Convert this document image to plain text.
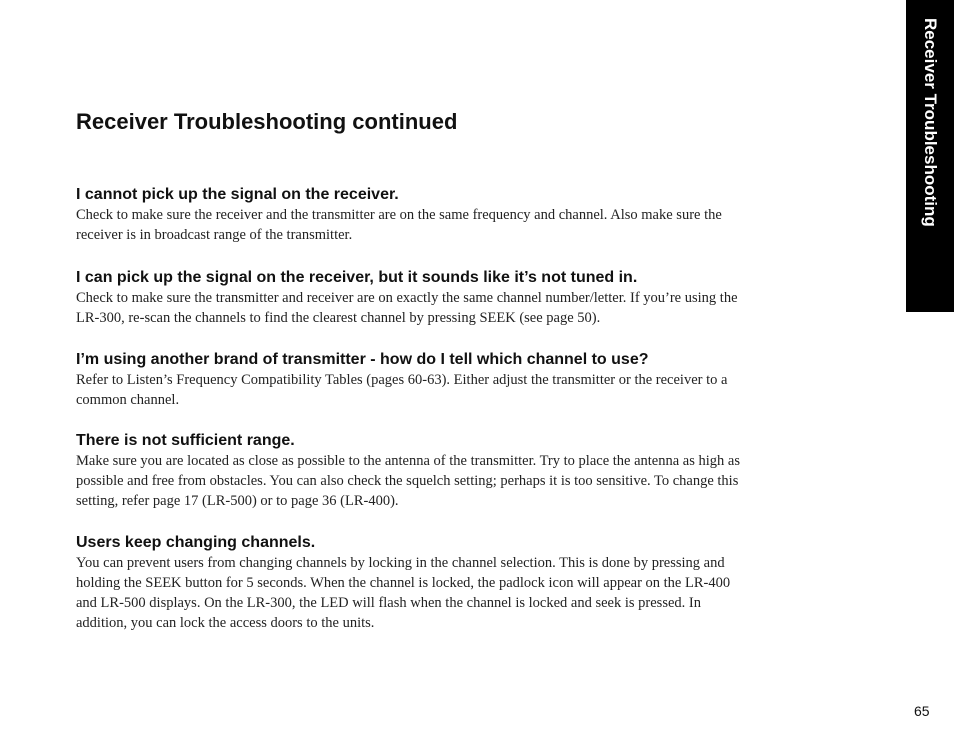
Receiver Troubleshooting
Receiver Troubleshooting continued
I cannot pick up the signal on the receiver.

Check to make sure the receiver and the transmitter are on the same frequency and channel. Also make sure the receiver is in broadcast range of the transmitter.

I can pick up the signal on the receiver, but it sounds like it’s not tuned in.

Check to make sure the transmitter and receiver are on exactly the same channel number/letter. If you’re using the LR-300, re-scan the channels to find the clearest channel by pressing SEEK (see page 50).

I’m using another brand of transmitter - how do I tell which channel to use?

Refer to Listen’s Frequency Compatibility Tables (pages 60-63). Either adjust the transmitter or the receiver to a common channel.

There is not sufficient range.

Make sure you are located as close as possible to the antenna of the transmitter. Try to place the antenna as high as possible and free from obstacles. You can also check the squelch setting; perhaps it is too sensitive. To change this setting, refer page 17 (LR-500) or to page 36 (LR-400).

Users keep changing channels.

You can prevent users from changing channels by locking in the channel selection. This is done by pressing and holding the SEEK button for 5 seconds. When the channel is locked, the padlock icon will appear on the LR-400 and LR-500 displays. On the LR-300, the LED will flash when the channel is locked and seek is pressed. In addition, you can lock the access doors to the units.

65
